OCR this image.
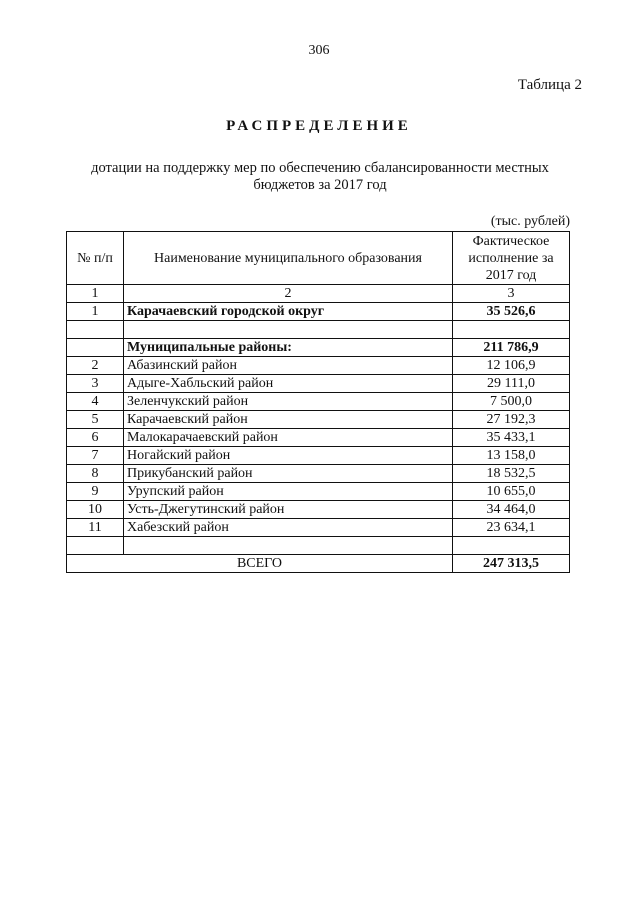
306
Таблица 2
РАСПРЕДЕЛЕНИЕ
дотации на поддержку мер по обеспечению сбалансированности местных бюджетов за 2017 год
(тыс. рублей)
№ п/п	Наименование муниципального образования	Фактическое исполнение за 2017 год
1	2	3
1	Карачаевский городской округ	35 526,6

	Муниципальные районы:	211 786,9
2	Абазинский район	12 106,9
3	Адыге-Хабльский район	29 111,0
4	Зеленчукский район	7 500,0
5	Карачаевский район	27 192,3
6	Малокарачаевский район	35 433,1
7	Ногайский район	13 158,0
8	Прикубанский район	18 532,5
9	Урупский район	10 655,0
10	Усть-Джегутинский район	34 464,0
11	Хабезский район	23 634,1

ВСЕГО		247 313,5
